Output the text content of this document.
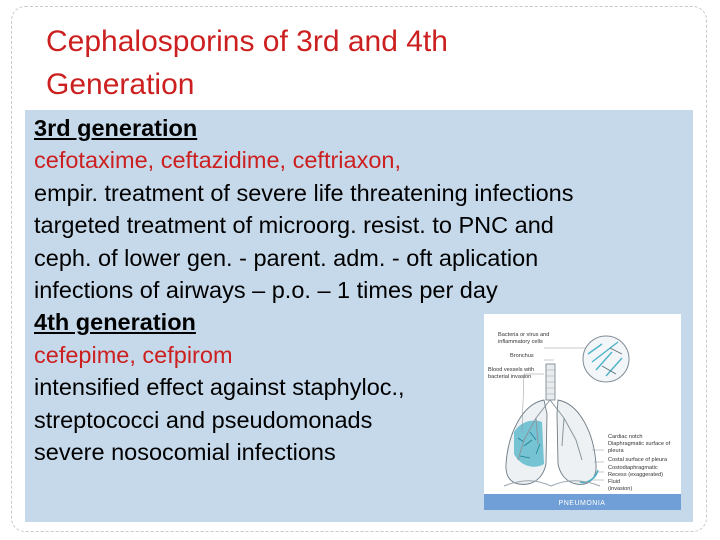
Cephalosporins of 3rd and 4th
Generation
3rd generation
cefotaxime, ceftazidime, ceftriaxon,
empir. treatment of severe life threatening infections
targeted treatment of microorg. resist. to PNC and
ceph. of lower gen. - parent. adm. - oft aplication
infections of airways – p.o. – 1 times per day
4th generation
cefepime, cefpirom
intensified effect against staphyloc.,
streptococci and pseudomonads
severe nosocomial infections
Bacteria or virus and
inflammatory cells
Bronchus
Blood vessels with
bacterial invasion
Cardiac notch
Diaphragmatic surface of
pleura
Costal surface of pleura
Costodiaphragmatic
Recess (exaggerated)
Fluid
(invasion)
PNEUMONIA
